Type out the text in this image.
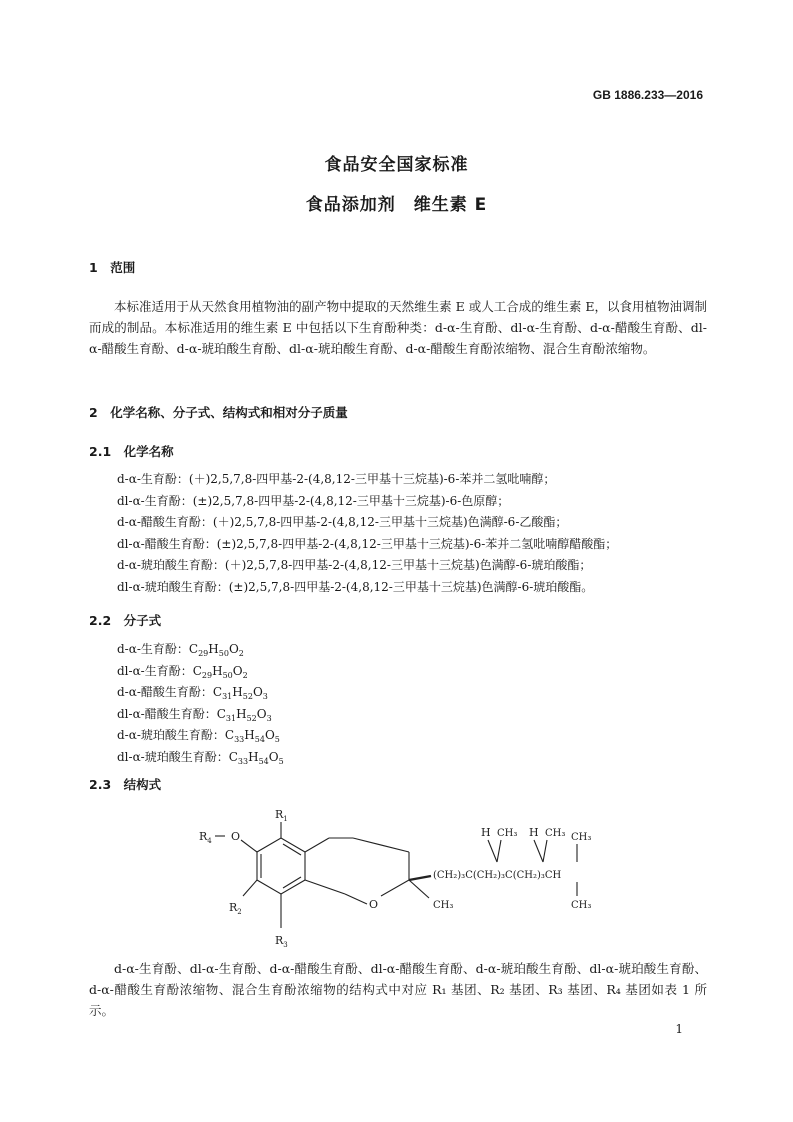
GB 1886.233—2016
食品安全国家标准
食品添加剂　维生素 E
1　范围
本标准适用于从天然食用植物油的副产物中提取的天然维生素 E 或人工合成的维生素 E，以食用植物油调制而成的制品。本标准适用的维生素 E 中包括以下生育酚种类：d-α-生育酚、dl-α-生育酚、d-α-醋酸生育酚、dl-α-醋酸生育酚、d-α-琥珀酸生育酚、dl-α-琥珀酸生育酚、d-α-醋酸生育酚浓缩物、混合生育酚浓缩物。
2　化学名称、分子式、结构式和相对分子质量
2.1　化学名称
d-α-生育酚：(＋)2,5,7,8-四甲基-2-(4,8,12-三甲基十三烷基)-6-苯并二氢吡喃醇；
dl-α-生育酚：(±)2,5,7,8-四甲基-2-(4,8,12-三甲基十三烷基)-6-色原醇；
d-α-醋酸生育酚：(＋)2,5,7,8-四甲基-2-(4,8,12-三甲基十三烷基)色满醇-6-乙酸酯；
dl-α-醋酸生育酚：(±)2,5,7,8-四甲基-2-(4,8,12-三甲基十三烷基)-6-苯并二氢吡喃醇醋酸酯；
d-α-琥珀酸生育酚：(＋)2,5,7,8-四甲基-2-(4,8,12-三甲基十三烷基)色满醇-6-琥珀酸酯；
dl-α-琥珀酸生育酚：(±)2,5,7,8-四甲基-2-(4,8,12-三甲基十三烷基)色满醇-6-琥珀酸酯。
2.2　分子式
d-α-生育酚：$C_{29}H_{50}O_2$
dl-α-生育酚：$C_{29}H_{50}O_2$
d-α-醋酸生育酚：$C_{31}H_{52}O_3$
dl-α-醋酸生育酚：$C_{31}H_{52}O_3$
d-α-琥珀酸生育酚：$C_{33}H_{54}O_5$
dl-α-琥珀酸生育酚：$C_{33}H_{54}O_5$
2.3　结构式
$R_1$
$R_4$ O
$R_2$
$R_3$
O	CH₃
(CH₂)₃C(CH₂)₃C(CH₂)₃CH
H CH₃ H CH₃ CH₃
CH₃
d-α-生育酚、dl-α-生育酚、d-α-醋酸生育酚、dl-α-醋酸生育酚、d-α-琥珀酸生育酚、dl-α-琥珀酸生育酚、d-α-醋酸生育酚浓缩物、混合生育酚浓缩物的结构式中对应 R₁ 基团、R₂ 基团、R₃ 基团、R₄ 基团如表 1 所示。
1
